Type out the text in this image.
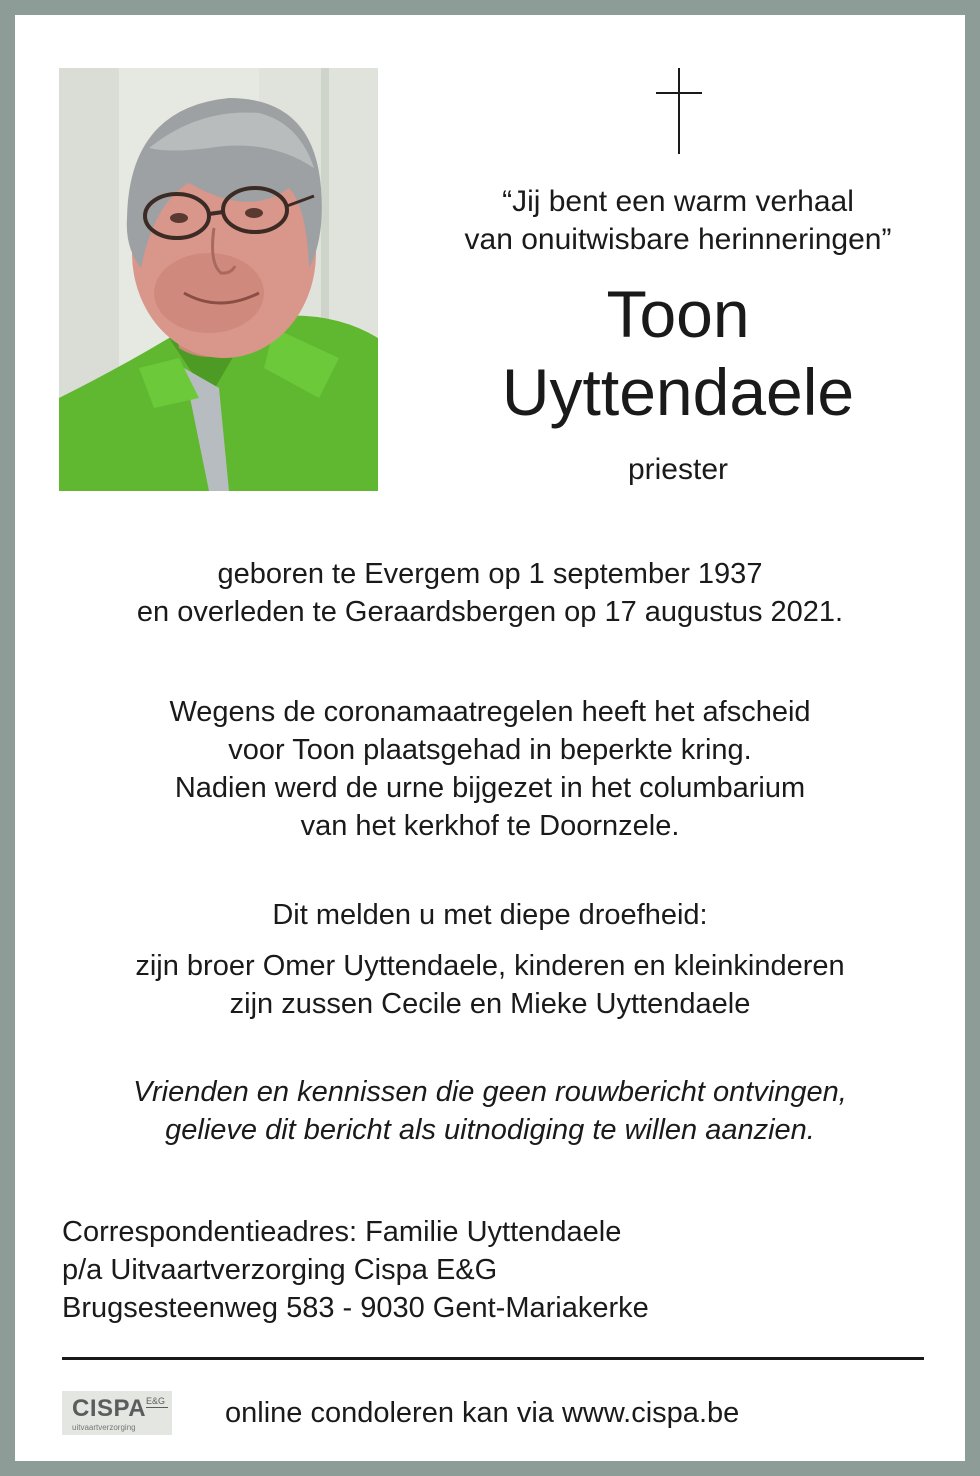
“Jij bent een warm verhaal
van onuitwisbare herinneringen”
Toon
Uyttendaele
priester
geboren te Evergem op 1 september 1937
en overleden te Geraardsbergen op 17 augustus 2021.
Wegens de coronamaatregelen heeft het afscheid
voor Toon plaatsgehad in beperkte kring.
Nadien werd de urne bijgezet in het columbarium
van het kerkhof te Doornzele.
Dit melden u met diepe droefheid:
zijn broer Omer Uyttendaele, kinderen en kleinkinderen
zijn zussen Cecile en Mieke Uyttendaele
Vrienden en kennissen die geen rouwbericht ontvingen,
gelieve dit bericht als uitnodiging te willen aanzien.
Correspondentieadres: Familie Uyttendaele
p/a Uitvaartverzorging Cispa E&G
Brugsesteenweg 583 - 9030 Gent-Mariakerke
CISPA E&G
uitvaartverzorging	online condoleren kan via www.cispa.be
